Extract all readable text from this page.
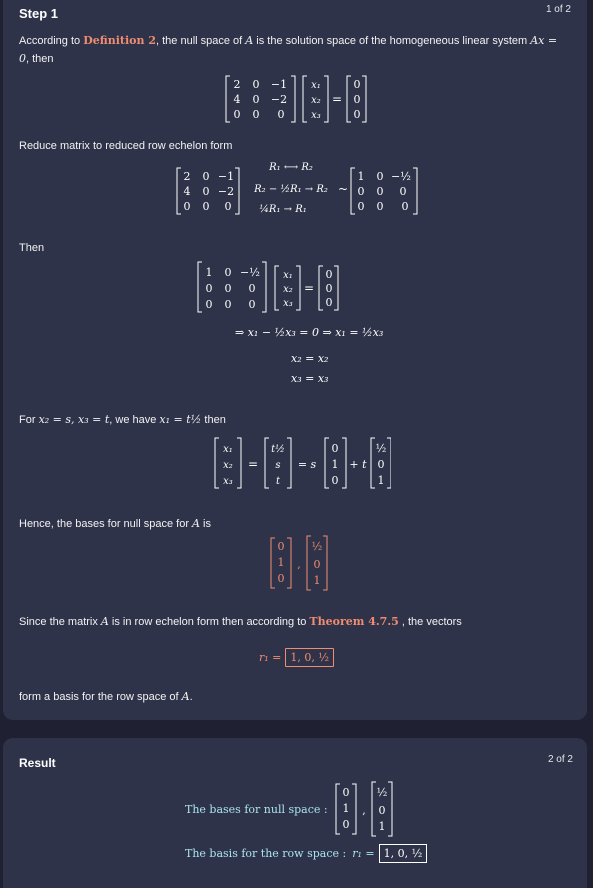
Step 1	1 of 2
According to Definition 2, the null space of A is the solution space of the homogeneous linear system Ax =
0, then
2 0 −1
4 0 −2
0 0 0
x₁
x₂
x₃
=
0
0
0
Reduce matrix to reduced row echelon form
2 0 −1
4 0 −2
0 0 0
R₁ ⟷ R₂
R₂ − ½R₁ → R₂
¼R₁ → R₁
~
1 0 −½
0 0 0
0 0 0
Then
1 0 −½
0 0 0
0 0 0
x₁
x₂
x₃
=
0
0
0
⇒ x₁ − ½x₃ = 0 ⇒ x₁ = ½x₃
x₂ = x₂
x₃ = x₃
For x₂ = s, x₃ = t, we have x₁ = t½ then
x₁
x₂
x₃
=
t½
s
t
= s
0
1
0
+ t
½
0
1
Hence, the bases for null space for A is
0
1
0
,
½
0
1
Since the matrix A is in row echelon form then according to Theorem 4.7.5 , the vectors
r₁ = 1, 0, ½
form a basis for the row space of A.
Result	2 of 2
The bases for null space :
0
1
0
,
½
0
1
The basis for the row space : r₁ = 1, 0, ½
